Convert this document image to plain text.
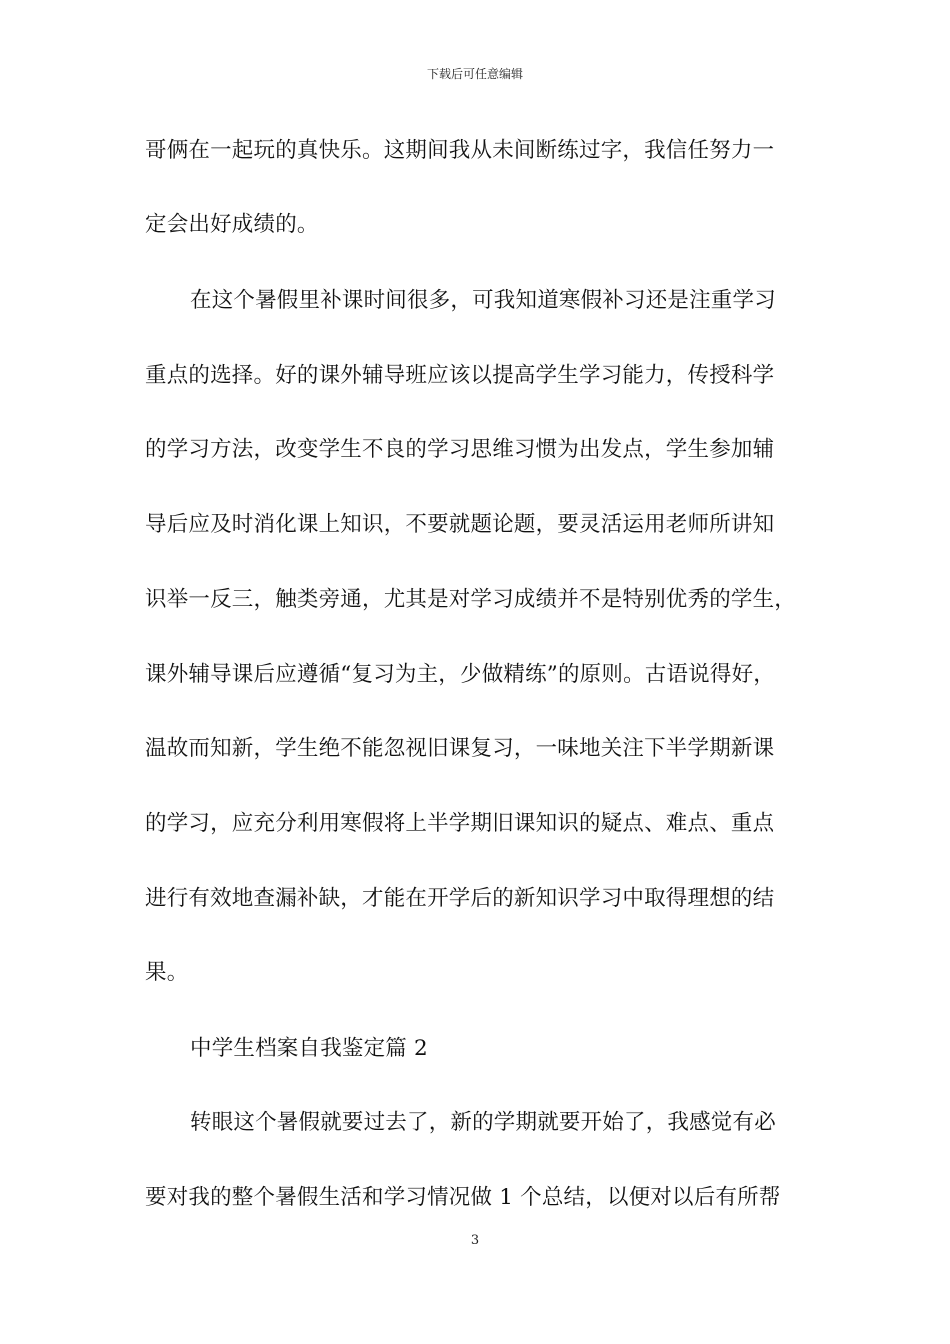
下载后可任意编辑
哥俩在一起玩的真快乐。这期间我从未间断练过字，我信任努力一
定会出好成绩的。
在这个暑假里补课时间很多，可我知道寒假补习还是注重学习
重点的选择。好的课外辅导班应该以提高学生学习能力，传授科学
的学习方法，改变学生不良的学习思维习惯为出发点，学生参加辅
导后应及时消化课上知识，不要就题论题，要灵活运用老师所讲知
识举一反三，触类旁通，尤其是对学习成绩并不是特别优秀的学生，
课外辅导课后应遵循“复习为主，少做精练”的原则。古语说得好，
温故而知新，学生绝不能忽视旧课复习，一味地关注下半学期新课
的学习，应充分利用寒假将上半学期旧课知识的疑点、难点、重点
进行有效地查漏补缺，才能在开学后的新知识学习中取得理想的结
果。
中学生档案自我鉴定篇 2
转眼这个暑假就要过去了，新的学期就要开始了，我感觉有必
要对我的整个暑假生活和学习情况做 1 个总结，以便对以后有所帮
3
